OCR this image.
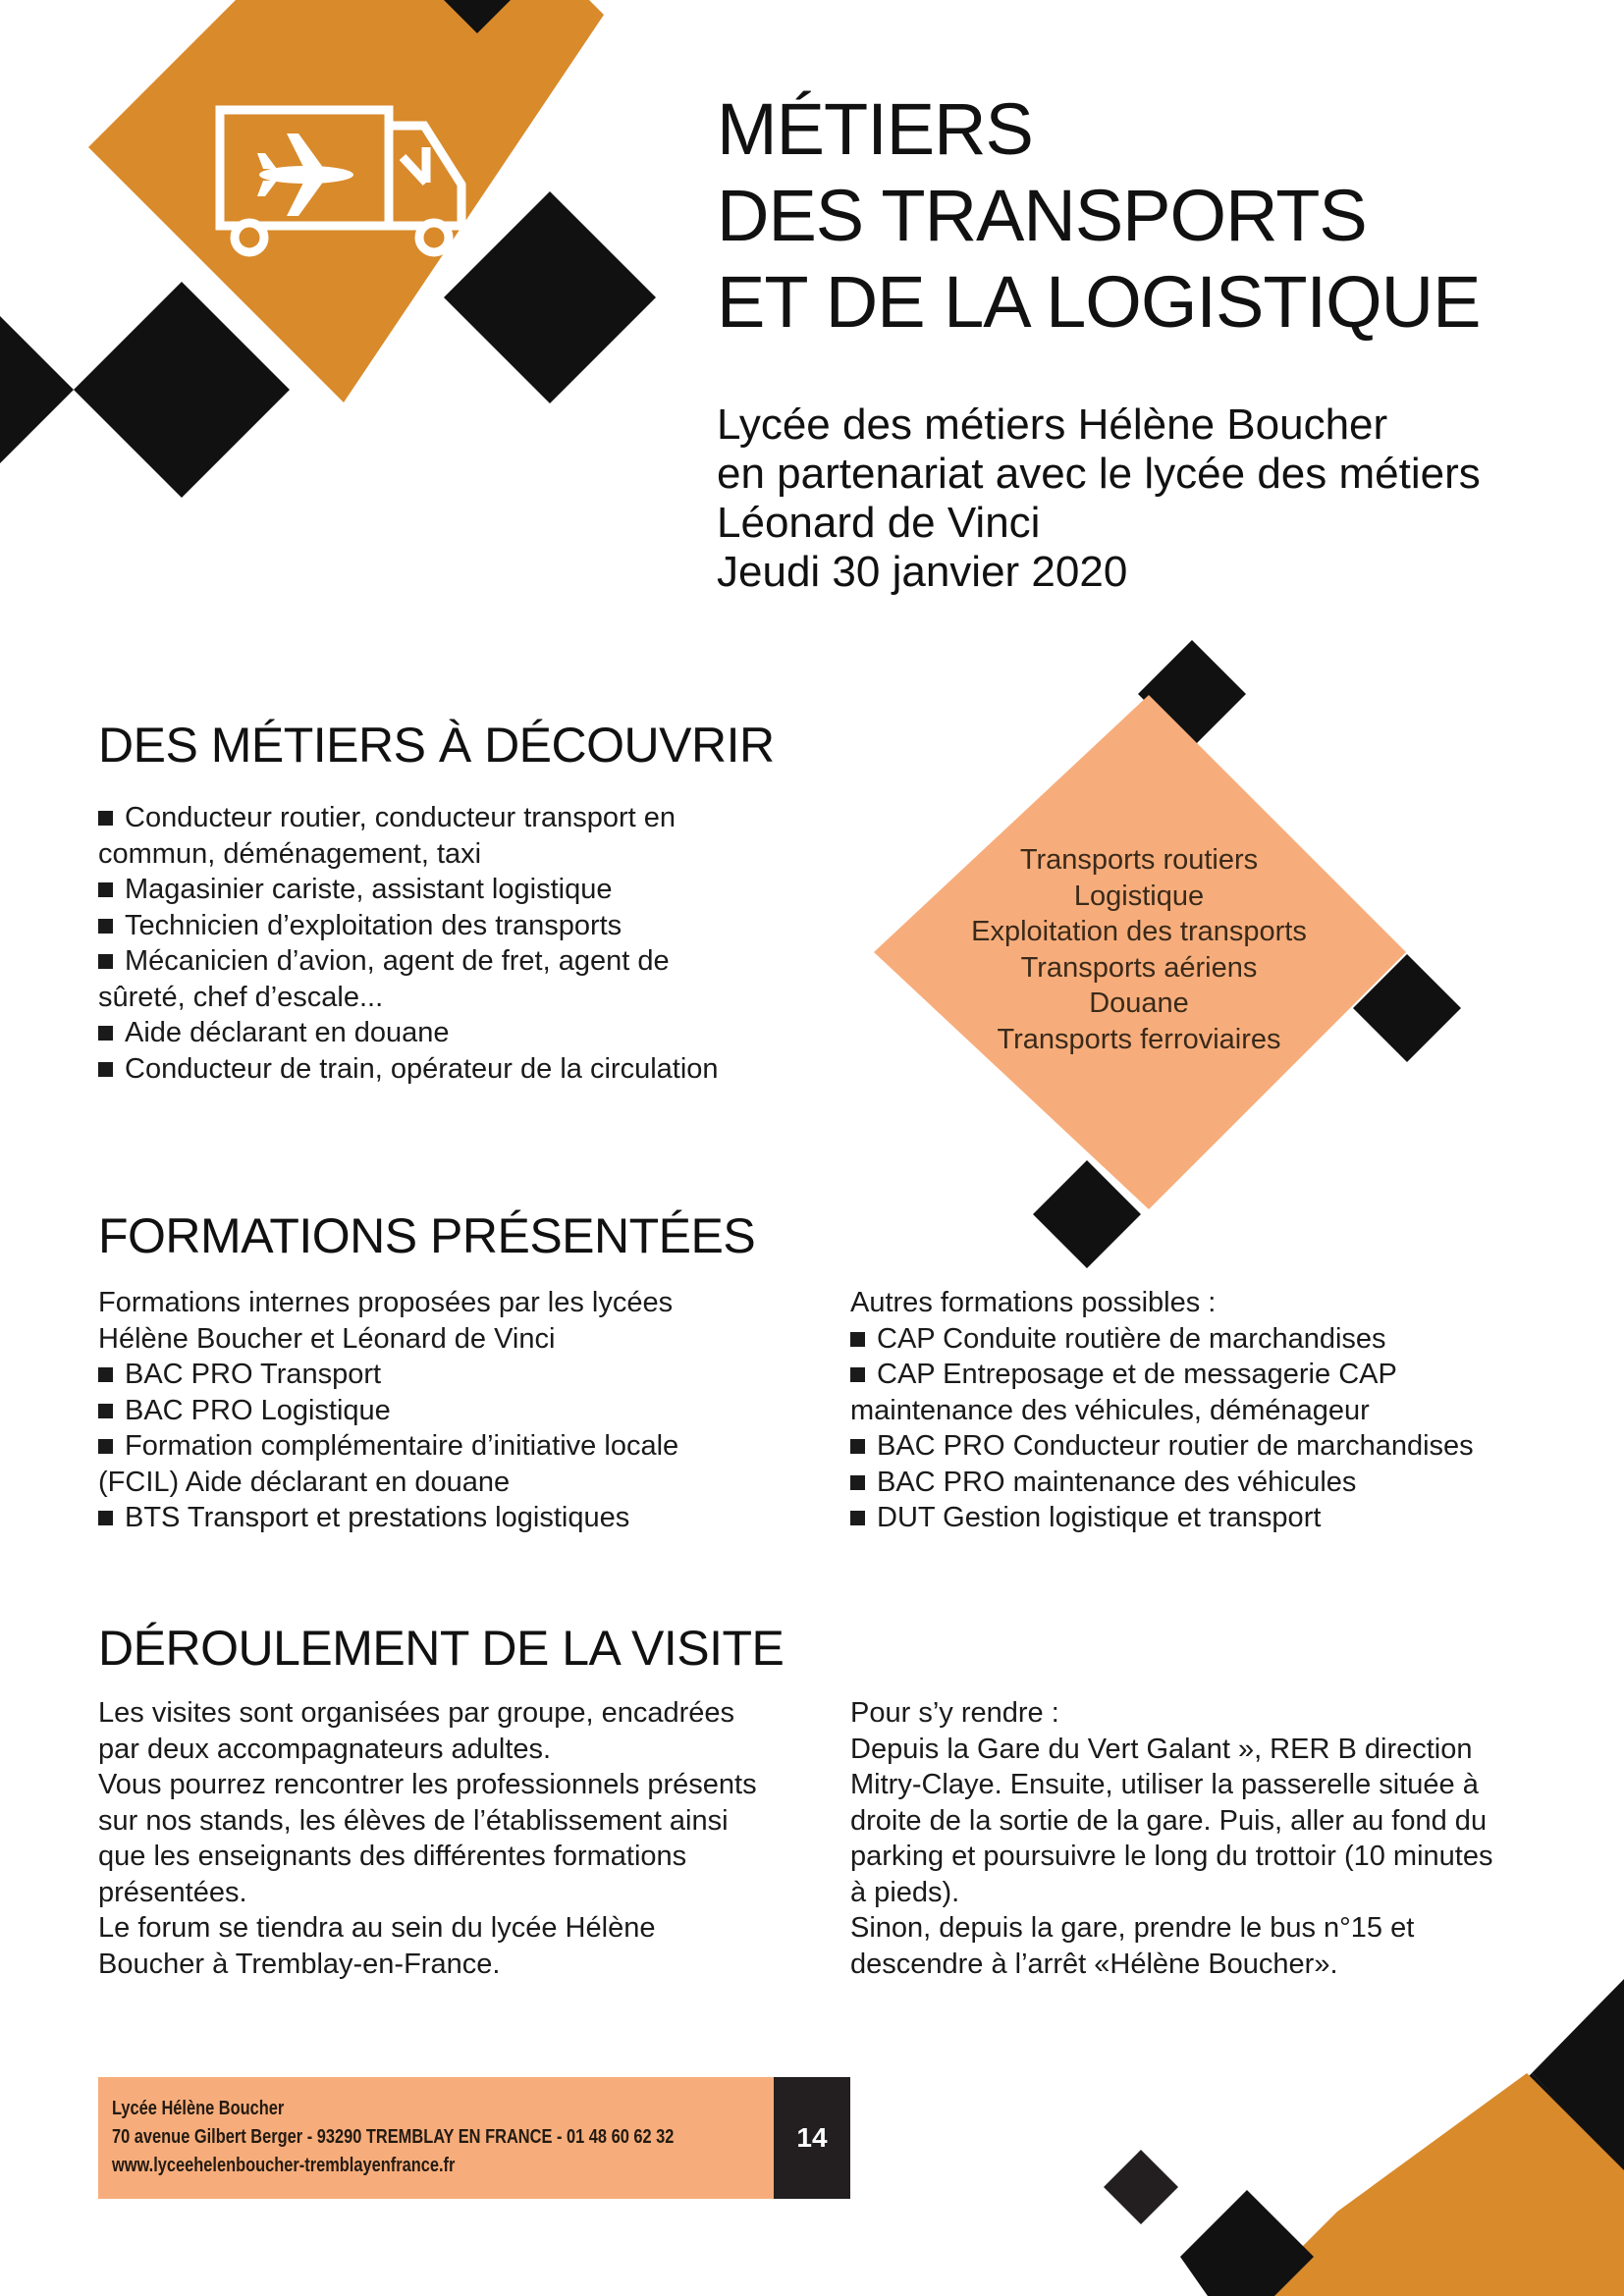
MÉTIERS
DES TRANSPORTS
ET DE LA LOGISTIQUE
Lycée des métiers Hélène Boucher
en partenariat avec le lycée des métiers
Léonard de Vinci
Jeudi 30 janvier 2020
DES MÉTIERS À DÉCOUVRIR
Conducteur routier, conducteur transport en
commun, déménagement, taxi
Magasinier cariste, assistant logistique
Technicien d’exploitation des transports
Mécanicien d’avion, agent de fret, agent de
sûreté, chef d’escale...
Aide déclarant en douane
Conducteur de train, opérateur de la circulation
Transports routiers
Logistique
Exploitation des transports
Transports aériens
Douane
Transports ferroviaires
FORMATIONS PRÉSENTÉES
Formations internes proposées par les lycées
Hélène Boucher et Léonard de Vinci
BAC PRO Transport
BAC PRO Logistique
Formation complémentaire d’initiative locale
(FCIL) Aide déclarant en douane
BTS Transport et prestations logistiques
Autres formations possibles :
CAP Conduite routière de marchandises
CAP Entreposage et de messagerie CAP
maintenance des véhicules, déménageur
BAC PRO Conducteur routier de marchandises
BAC PRO maintenance des véhicules
DUT Gestion logistique et transport
DÉROULEMENT DE LA VISITE
Les visites sont organisées par groupe, encadrées
par deux accompagnateurs adultes.
Vous pourrez rencontrer les professionnels présents
sur nos stands, les élèves de l’établissement ainsi
que les enseignants des différentes formations
présentées.
Le forum se tiendra au sein du lycée Hélène
Boucher à Tremblay-en-France.
Pour s’y rendre :
Depuis la Gare du Vert Galant », RER B direction
Mitry-Claye. Ensuite, utiliser la passerelle située à
droite de la sortie de la gare. Puis, aller au fond du
parking et poursuivre le long du trottoir (10 minutes
à pieds).
Sinon, depuis la gare, prendre le bus n°15 et
descendre à l’arrêt «Hélène Boucher».
Lycée Hélène Boucher
70 avenue Gilbert Berger - 93290 TREMBLAY EN FRANCE - 01 48 60 62 32
www.lyceehelenboucher-tremblayenfrance.fr
14
